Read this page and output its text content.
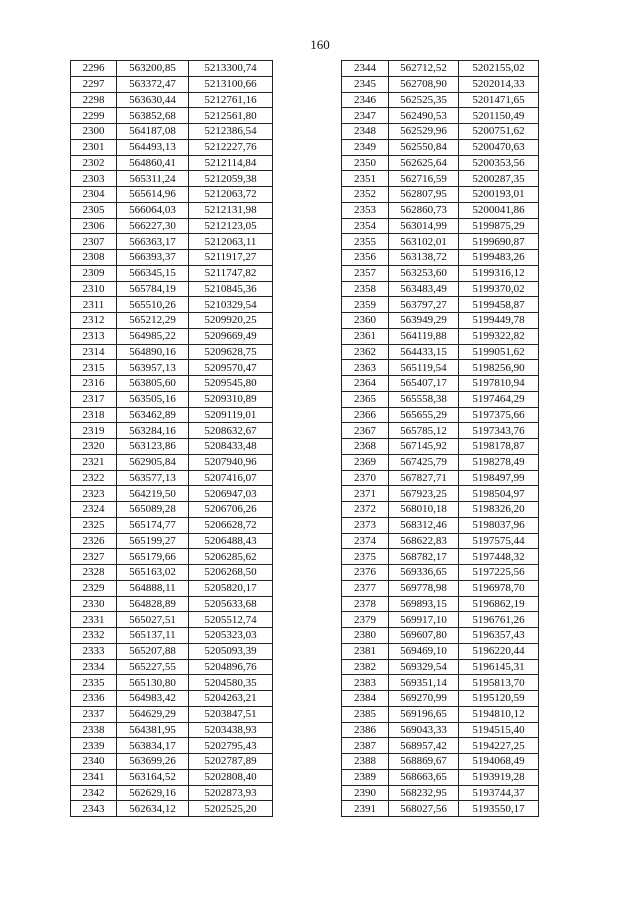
160
2296	563200,85	5213300,74
2297	563372,47	5213100,66
2298	563630,44	5212761,16
2299	563852,68	5212561,80
2300	564187,08	5212386,54
2301	564493,13	5212227,76
2302	564860,41	5212114,84
2303	565311,24	5212059,38
2304	565614,96	5212063,72
2305	566064,03	5212131,98
2306	566227,30	5212123,05
2307	566363,17	5212063,11
2308	566393,37	5211917,27
2309	566345,15	5211747,82
2310	565784,19	5210845,36
2311	565510,26	5210329,54
2312	565212,29	5209920,25
2313	564985,22	5209669,49
2314	564890,16	5209628,75
2315	563957,13	5209570,47
2316	563805,60	5209545,80
2317	563505,16	5209310,89
2318	563462,89	5209119,01
2319	563284,16	5208632,67
2320	563123,86	5208433,48
2321	562905,84	5207940,96
2322	563577,13	5207416,07
2323	564219,50	5206947,03
2324	565089,28	5206706,26
2325	565174,77	5206628,72
2326	565199,27	5206488,43
2327	565179,66	5206285,62
2328	565163,02	5206268,50
2329	564888,11	5205820,17
2330	564828,89	5205633,68
2331	565027,51	5205512,74
2332	565137,11	5205323,03
2333	565207,88	5205093,39
2334	565227,55	5204896,76
2335	565130,80	5204580,35
2336	564983,42	5204263,21
2337	564629,29	5203847,51
2338	564381,95	5203438,93
2339	563834,17	5202795,43
2340	563699,26	5202787,89
2341	563164,52	5202808,40
2342	562629,16	5202873,93
2343	562634,12	5202525,20
2344	562712,52	5202155,02
2345	562708,90	5202014,33
2346	562525,35	5201471,65
2347	562490,53	5201150,49
2348	562529,96	5200751,62
2349	562550,84	5200470,63
2350	562625,64	5200353,56
2351	562716,59	5200287,35
2352	562807,95	5200193,01
2353	562860,73	5200041,86
2354	563014,99	5199875,29
2355	563102,01	5199690,87
2356	563138,72	5199483,26
2357	563253,60	5199316,12
2358	563483,49	5199370,02
2359	563797,27	5199458,87
2360	563949,29	5199449,78
2361	564119,88	5199322,82
2362	564433,15	5199051,62
2363	565119,54	5198256,90
2364	565407,17	5197810,94
2365	565558,38	5197464,29
2366	565655,29	5197375,66
2367	565785,12	5197343,76
2368	567145,92	5198178,87
2369	567425,79	5198278,49
2370	567827,71	5198497,99
2371	567923,25	5198504,97
2372	568010,18	5198326,20
2373	568312,46	5198037,96
2374	568622,83	5197575,44
2375	568782,17	5197448,32
2376	569336,65	5197225,56
2377	569778,98	5196978,70
2378	569893,15	5196862,19
2379	569917,10	5196761,26
2380	569607,80	5196357,43
2381	569469,10	5196220,44
2382	569329,54	5196145,31
2383	569351,14	5195813,70
2384	569270,99	5195120,59
2385	569196,65	5194810,12
2386	569043,33	5194515,40
2387	568957,42	5194227,25
2388	568869,67	5194068,49
2389	568663,65	5193919,28
2390	568232,95	5193744,37
2391	568027,56	5193550,17
